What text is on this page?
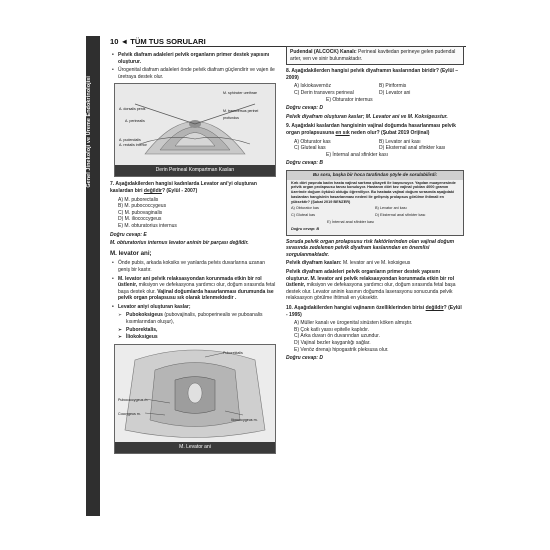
Genel Jinekoloji ve Üreme Endokrinolojisi
10 ◄ TÜM TUS SORULARI

• Pelvik diafram adaleleri pelvik organların primer destek yapısını oluşturur.

• Ürogenital diafram adaleleri önde pelvik diafram güçlendirir ve vajen ile üretraya destek olur.

M. sphincter urethrae
A. dorsalis penis	M. transversus perinei profundus
A. perinealis
A. pudendalis
A. rectalis inferior
Derin Perineal Kompartman Kasları

7. Aşağıdakilerden hangisi kadınlarda Levator ani'yi oluşturan kaslardan biri değildir? (Eylül - 2007)

A) M. puborectalis

B) M. pubococcygeus

C) M. pubovaginalis

D) M. iliococcygeus

E) M. obturatorius internus

Doğru cevap: E

M. obturatorius internus levator aninin bir parçası değildir.

M. levator ani;

• Önde pubis, arkada koksiks ve yanlarda pelvis duvarlarına uzanan geniş bir kastır.

• M. levator ani pelvik relaksasyondan korunmada etkin bir rol üstlenir, miksiyon ve defekasyona yardımcı olur, doğum sırasında fetal başa destek olur. Vajinal doğumlarda hasarlanması durumunda ise pelvik organ prolapsusu sık olarak izlenmektedir .

• Levator aniyi oluşturan kaslar;

➢ Pubokoksigeus (pubovajinalis, puboperinealis ve puboanalis kısımlarından oluşur),

➢ Puborektalis,

➢ İliokoksigeus

Puborektalis
Pubococcygeus m.
Coccygeus m.
Iliococcygeus m.
M. Levator ani
Pudendal (ALCOCK) Kanalı: Perineal kavitedan perineye gelen pudendal arter, ven ve sinir bulunmaktadır.

8. Aşağıdakilerden hangisi pelvik diyaframın kaslarından biridir? (Eylül – 2009)

A) Iskiokavernöz	B) Piriformis
C) Derin transvers perineal	D) Levator ani

E) Obturator internus

Doğru cevap: D

Pelvik diyafram oluşturan kaslar; M. Levator ani ve M. Koksigeustur.

9. Aşağıdaki kaslardan hangisinin vajinal doğumda hasarlanması pelvik organ prolapsusuna en sık neden olur? (Şubat 2019 Orijinal)

A) Obturator kas	B) Levator ani kası
C) Gluteal kas	D) Eksternal anal sfinkter kası

E) İnternal anal sfinkter kası

Doğru cevap: B

Bu soru, başka bir hoca tarafından şöyle de sorulabilirdi:
Kırk dört yaşında kadın hasta vajinal sarkma şikayeti ile başvuruyor. Yapılan muayenesinde pelvik organ prolapsusu tanısı konuluyor. Hastanın dört kez vajinal yoldan 4000 gramın üzerinde doğum öyküsü olduğu öğreniliyor. Bu hastada vajinal doğum sırasında aşağıdaki kaslardan hangisinin hasarlanması nedeni ile gelişmiş prolapsus görülme ihtimali en yüksektir? (Şubat 2019 BENZER)
A) Obturator kas	B) Levator ani kası
C) Gluteal kas	D) Eksternal anal sfinkter kası
E) İnternal anal sfinkter kası
Doğru cevap: B

Soruda pelvik organ prolapsusu risk faktörlerinden olan vajinal doğum sırasında zedelenen pelvik diyafram kaslarından en önemlisi sorgulanmaktadır.

Pelvik diyafram kasları: M. levator ani ve M. koksigeus

Pelvik diyafram adaleleri pelvik organların primer destek yapısını oluşturur. M. levator ani pelvik relaksasyondan korunmada etkin bir rol üstlenir, miksiyon ve defekasyona yardımcı olur, doğum sırasında fetal başa destek olur. Levator aninin kasının doğumda laserasyonu sonucunda pelvik relaksasyon görülme ihtimali en yüksektir.

10. Aşağıdakilerden hangisi vajinanın özelliklerinden birisi değildir? (Eylül - 1995)

A) Müller kanalı ve ürogenital sinüsten köken almıştır.

B) Çok katlı yassı epitelle kaplıdır.

C) Arka duvarı ön duvarından uzundur.

D) Vajinal bezler kayganlığı sağlar.

E) Venöz drenajı hipogastrik pleksusa olur.

Doğru cevap: D
